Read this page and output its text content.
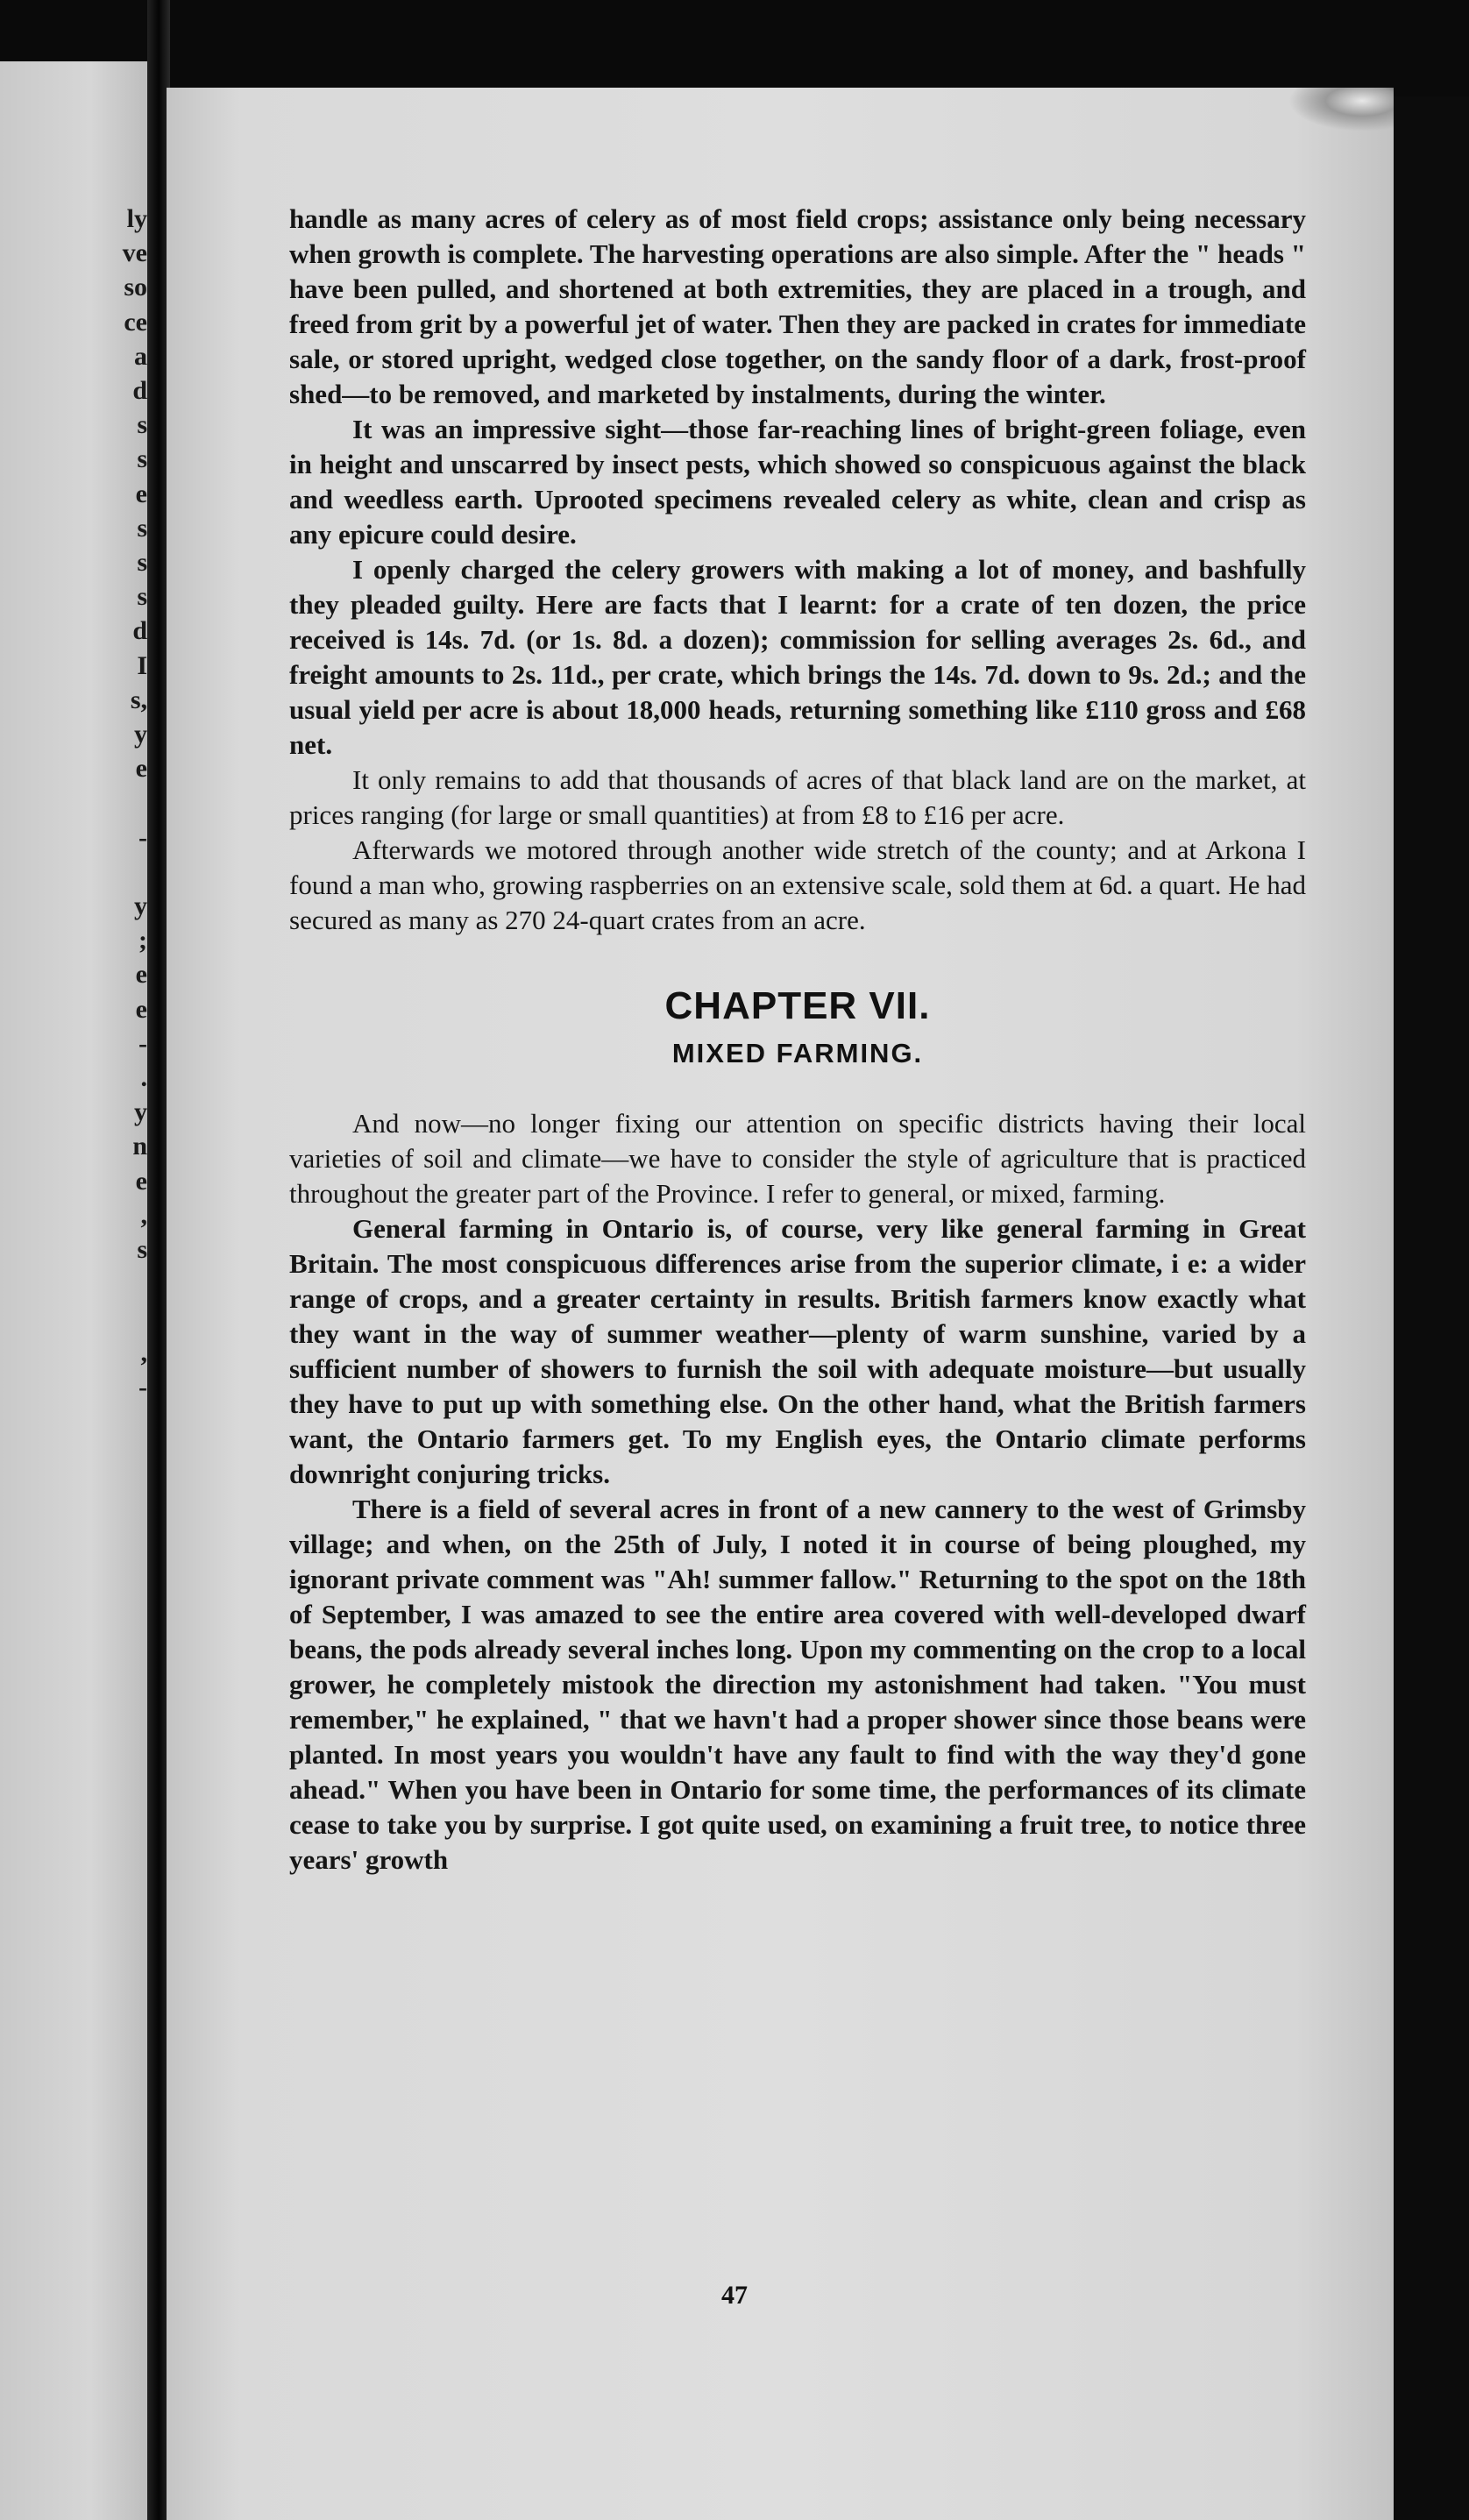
ly
ve
so
ce
a
d
s
s
e
s
s
s
d
I
s,
y
e

-

y
;
e
e
-
.
y
n
e
,
s

,
-

handle as many acres of celery as of most field crops; assistance only being necessary when growth is complete. The harvesting operations are also simple. After the " heads " have been pulled, and shortened at both extremities, they are placed in a trough, and freed from grit by a powerful jet of water. Then they are packed in crates for immediate sale, or stored upright, wedged close together, on the sandy floor of a dark, frost-proof shed—to be removed, and marketed by instalments, during the winter.

It was an impressive sight—those far-reaching lines of bright-green foliage, even in height and unscarred by insect pests, which showed so conspicuous against the black and weedless earth. Uprooted specimens revealed celery as white, clean and crisp as any epicure could desire.

I openly charged the celery growers with making a lot of money, and bashfully they pleaded guilty. Here are facts that I learnt: for a crate of ten dozen, the price received is 14s. 7d. (or 1s. 8d. a dozen); commission for selling averages 2s. 6d., and freight amounts to 2s. 11d., per crate, which brings the 14s. 7d. down to 9s. 2d.; and the usual yield per acre is about 18,000 heads, returning something like £110 gross and £68 net.

It only remains to add that thousands of acres of that black land are on the market, at prices ranging (for large or small quantities) at from £8 to £16 per acre.

Afterwards we motored through another wide stretch of the county; and at Arkona I found a man who, growing raspberries on an extensive scale, sold them at 6d. a quart. He had secured as many as 270 24-quart crates from an acre.

CHAPTER VII.
MIXED FARMING.

And now—no longer fixing our attention on specific districts having their local varieties of soil and climate—we have to consider the style of agriculture that is practiced throughout the greater part of the Province. I refer to general, or mixed, farming.

General farming in Ontario is, of course, very like general farming in Great Britain. The most conspicuous differences arise from the superior climate, i e: a wider range of crops, and a greater certainty in results. British farmers know exactly what they want in the way of summer weather—plenty of warm sunshine, varied by a sufficient number of showers to furnish the soil with adequate moisture—but usually they have to put up with something else. On the other hand, what the British farmers want, the Ontario farmers get. To my English eyes, the Ontario climate performs downright conjuring tricks.

There is a field of several acres in front of a new cannery to the west of Grimsby village; and when, on the 25th of July, I noted it in course of being ploughed, my ignorant private comment was "Ah! summer fallow." Returning to the spot on the 18th of September, I was amazed to see the entire area covered with well-developed dwarf beans, the pods already several inches long. Upon my commenting on the crop to a local grower, he completely mistook the direction my astonishment had taken. "You must remember," he explained, " that we havn't had a proper shower since those beans were planted. In most years you wouldn't have any fault to find with the way they'd gone ahead." When you have been in Ontario for some time, the performances of its climate cease to take you by surprise. I got quite used, on examining a fruit tree, to notice three years' growth

47
